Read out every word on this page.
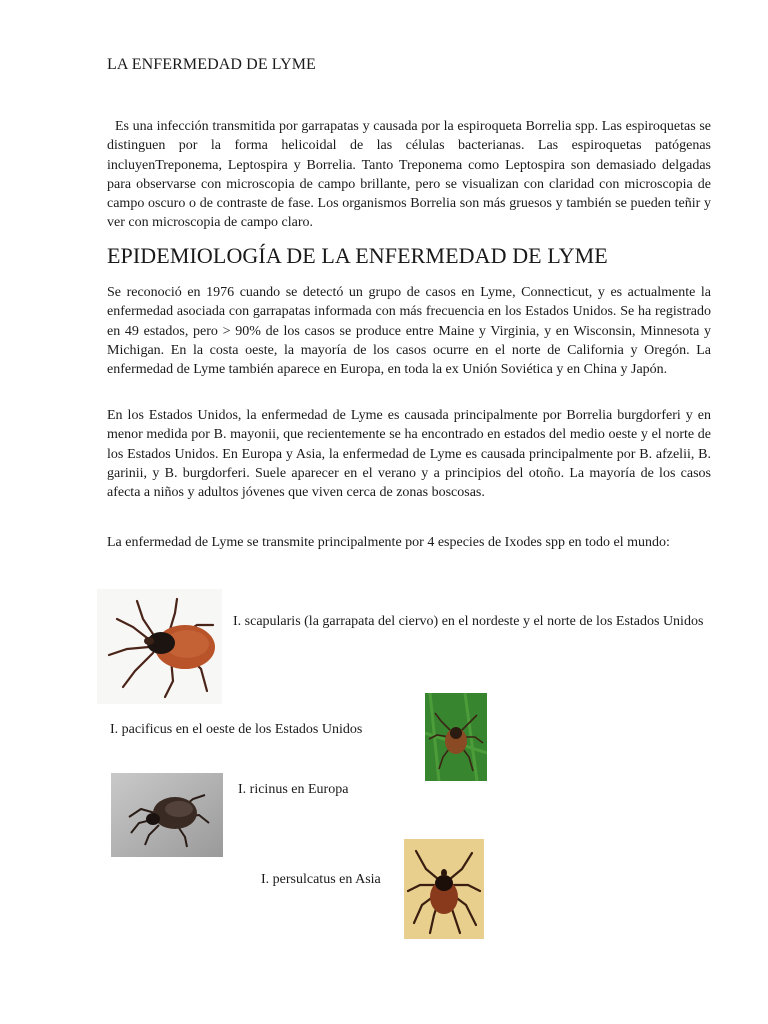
LA ENFERMEDAD DE LYME

Es una infección transmitida por garrapatas y causada por la espiroqueta Borrelia spp. Las espiroquetas se distinguen por la forma helicoidal de las células bacterianas. Las espiroquetas patógenas incluyenTreponema, Leptospira y Borrelia. Tanto Treponema como Leptospira son demasiado delgadas para observarse con microscopia de campo brillante, pero se visualizan con claridad con microscopia de campo oscuro o de contraste de fase. Los organismos Borrelia son más gruesos y también se pueden teñir y ver con microscopia de campo claro.

EPIDEMIOLOGÍA DE LA ENFERMEDAD DE LYME

Se reconoció en 1976 cuando se detectó un grupo de casos en Lyme, Connecticut, y es actualmente la enfermedad asociada con garrapatas informada con más frecuencia en los Estados Unidos. Se ha registrado en 49 estados, pero > 90% de los casos se produce entre Maine y Virginia, y en Wisconsin, Minnesota y Michigan. En la costa oeste, la mayoría de los casos ocurre en el norte de California y Oregón. La enfermedad de Lyme también aparece en Europa, en toda la ex Unión Soviética y en China y Japón.

En los Estados Unidos, la enfermedad de Lyme es causada principalmente por Borrelia burgdorferi y en menor medida por B. mayonii, que recientemente se ha encontrado en estados del medio oeste y el norte de los Estados Unidos. En Europa y Asia, la enfermedad de Lyme es causada principalmente por B. afzelii, B. garinii, y B. burgdorferi. Suele aparecer en el verano y a principios del otoño. La mayoría de los casos afecta a niños y adultos jóvenes que viven cerca de zonas boscosas.

La enfermedad de Lyme se transmite principalmente por 4 especies de Ixodes spp en todo el mundo:

I. scapularis (la garrapata del ciervo) en el nordeste y el norte de los Estados Unidos
I. pacificus en el oeste de los Estados Unidos
I. ricinus en Europa
I. persulcatus en Asia
